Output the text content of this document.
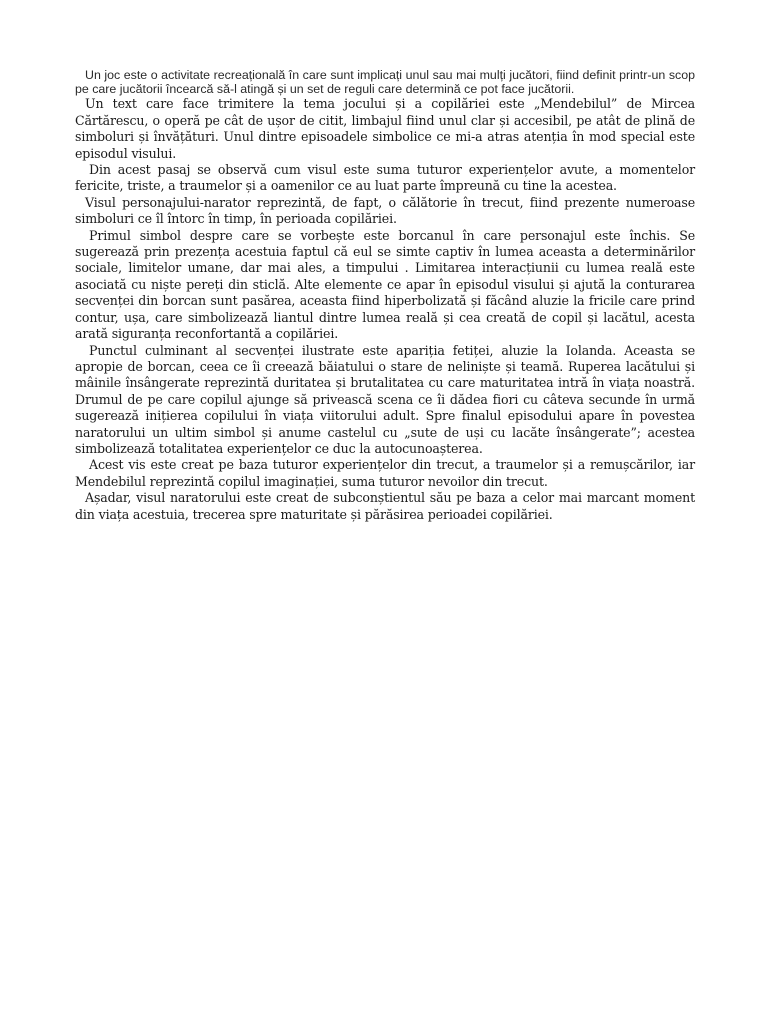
Un joc este o activitate recreațională în care sunt implicați unul sau mai mulți jucători, fiind definit printr-un scop pe care jucătorii încearcă să-l atingă și un set de reguli care determină ce pot face jucătorii.

Un text care face trimitere la tema jocului și a copilăriei este „Mendebilul” de Mircea Cărtărescu, o operă pe cât de ușor de citit, limbajul fiind unul clar și accesibil, pe atât de plină de simboluri și învățături. Unul dintre episoadele simbolice ce mi-a atras atenția în mod special este episodul visului.

Din acest pasaj se observă cum visul este suma tuturor experiențelor avute, a momentelor fericite, triste, a traumelor și a oamenilor ce au luat parte împreună cu tine la acestea.

Visul personajului-narator reprezintă, de fapt, o călătorie în trecut, fiind prezente numeroase simboluri ce îl întorc în timp, în perioada copilăriei.

Primul simbol despre care se vorbește este borcanul în care personajul este închis. Se sugerează prin prezența acestuia faptul că eul se simte captiv în lumea aceasta a determinărilor sociale, limitelor umane, dar mai ales, a timpului . Limitarea interacțiunii cu lumea reală este asociată cu niște pereți din sticlă. Alte elemente ce apar în episodul visului și ajută la conturarea secvenței din borcan sunt pasărea, aceasta fiind hiperbolizată și făcând aluzie la fricile care prind contur, ușa, care simbolizează liantul dintre lumea reală și cea creată de copil și lacătul, acesta arată siguranța reconfortantă a copilăriei.

Punctul culminant al secvenței ilustrate este apariția fetiței, aluzie la Iolanda. Aceasta se apropie de borcan, ceea ce îi creează băiatului o stare de neliniște și teamă. Ruperea lacătului și mâinile însângerate reprezintă duritatea și brutalitatea cu care maturitatea intră în viața noastră. Drumul de pe care copilul ajunge să privească scena ce îi dădea fiori cu câteva secunde în urmă sugerează inițierea copilului în viața viitorului adult. Spre finalul episodului apare în povestea naratorului un ultim simbol și anume castelul cu „sute de uși cu lacăte însângerate”; acestea simbolizează totalitatea experiențelor ce duc la autocunoașterea.

Acest vis este creat pe baza tuturor experiențelor din trecut, a traumelor și a remușcărilor, iar Mendebilul reprezintă copilul imaginației, suma tuturor nevoilor din trecut.

Așadar, visul naratorului este creat de subconștientul său pe baza a celor mai marcant moment din viața acestuia, trecerea spre maturitate și părăsirea perioadei copilăriei.
